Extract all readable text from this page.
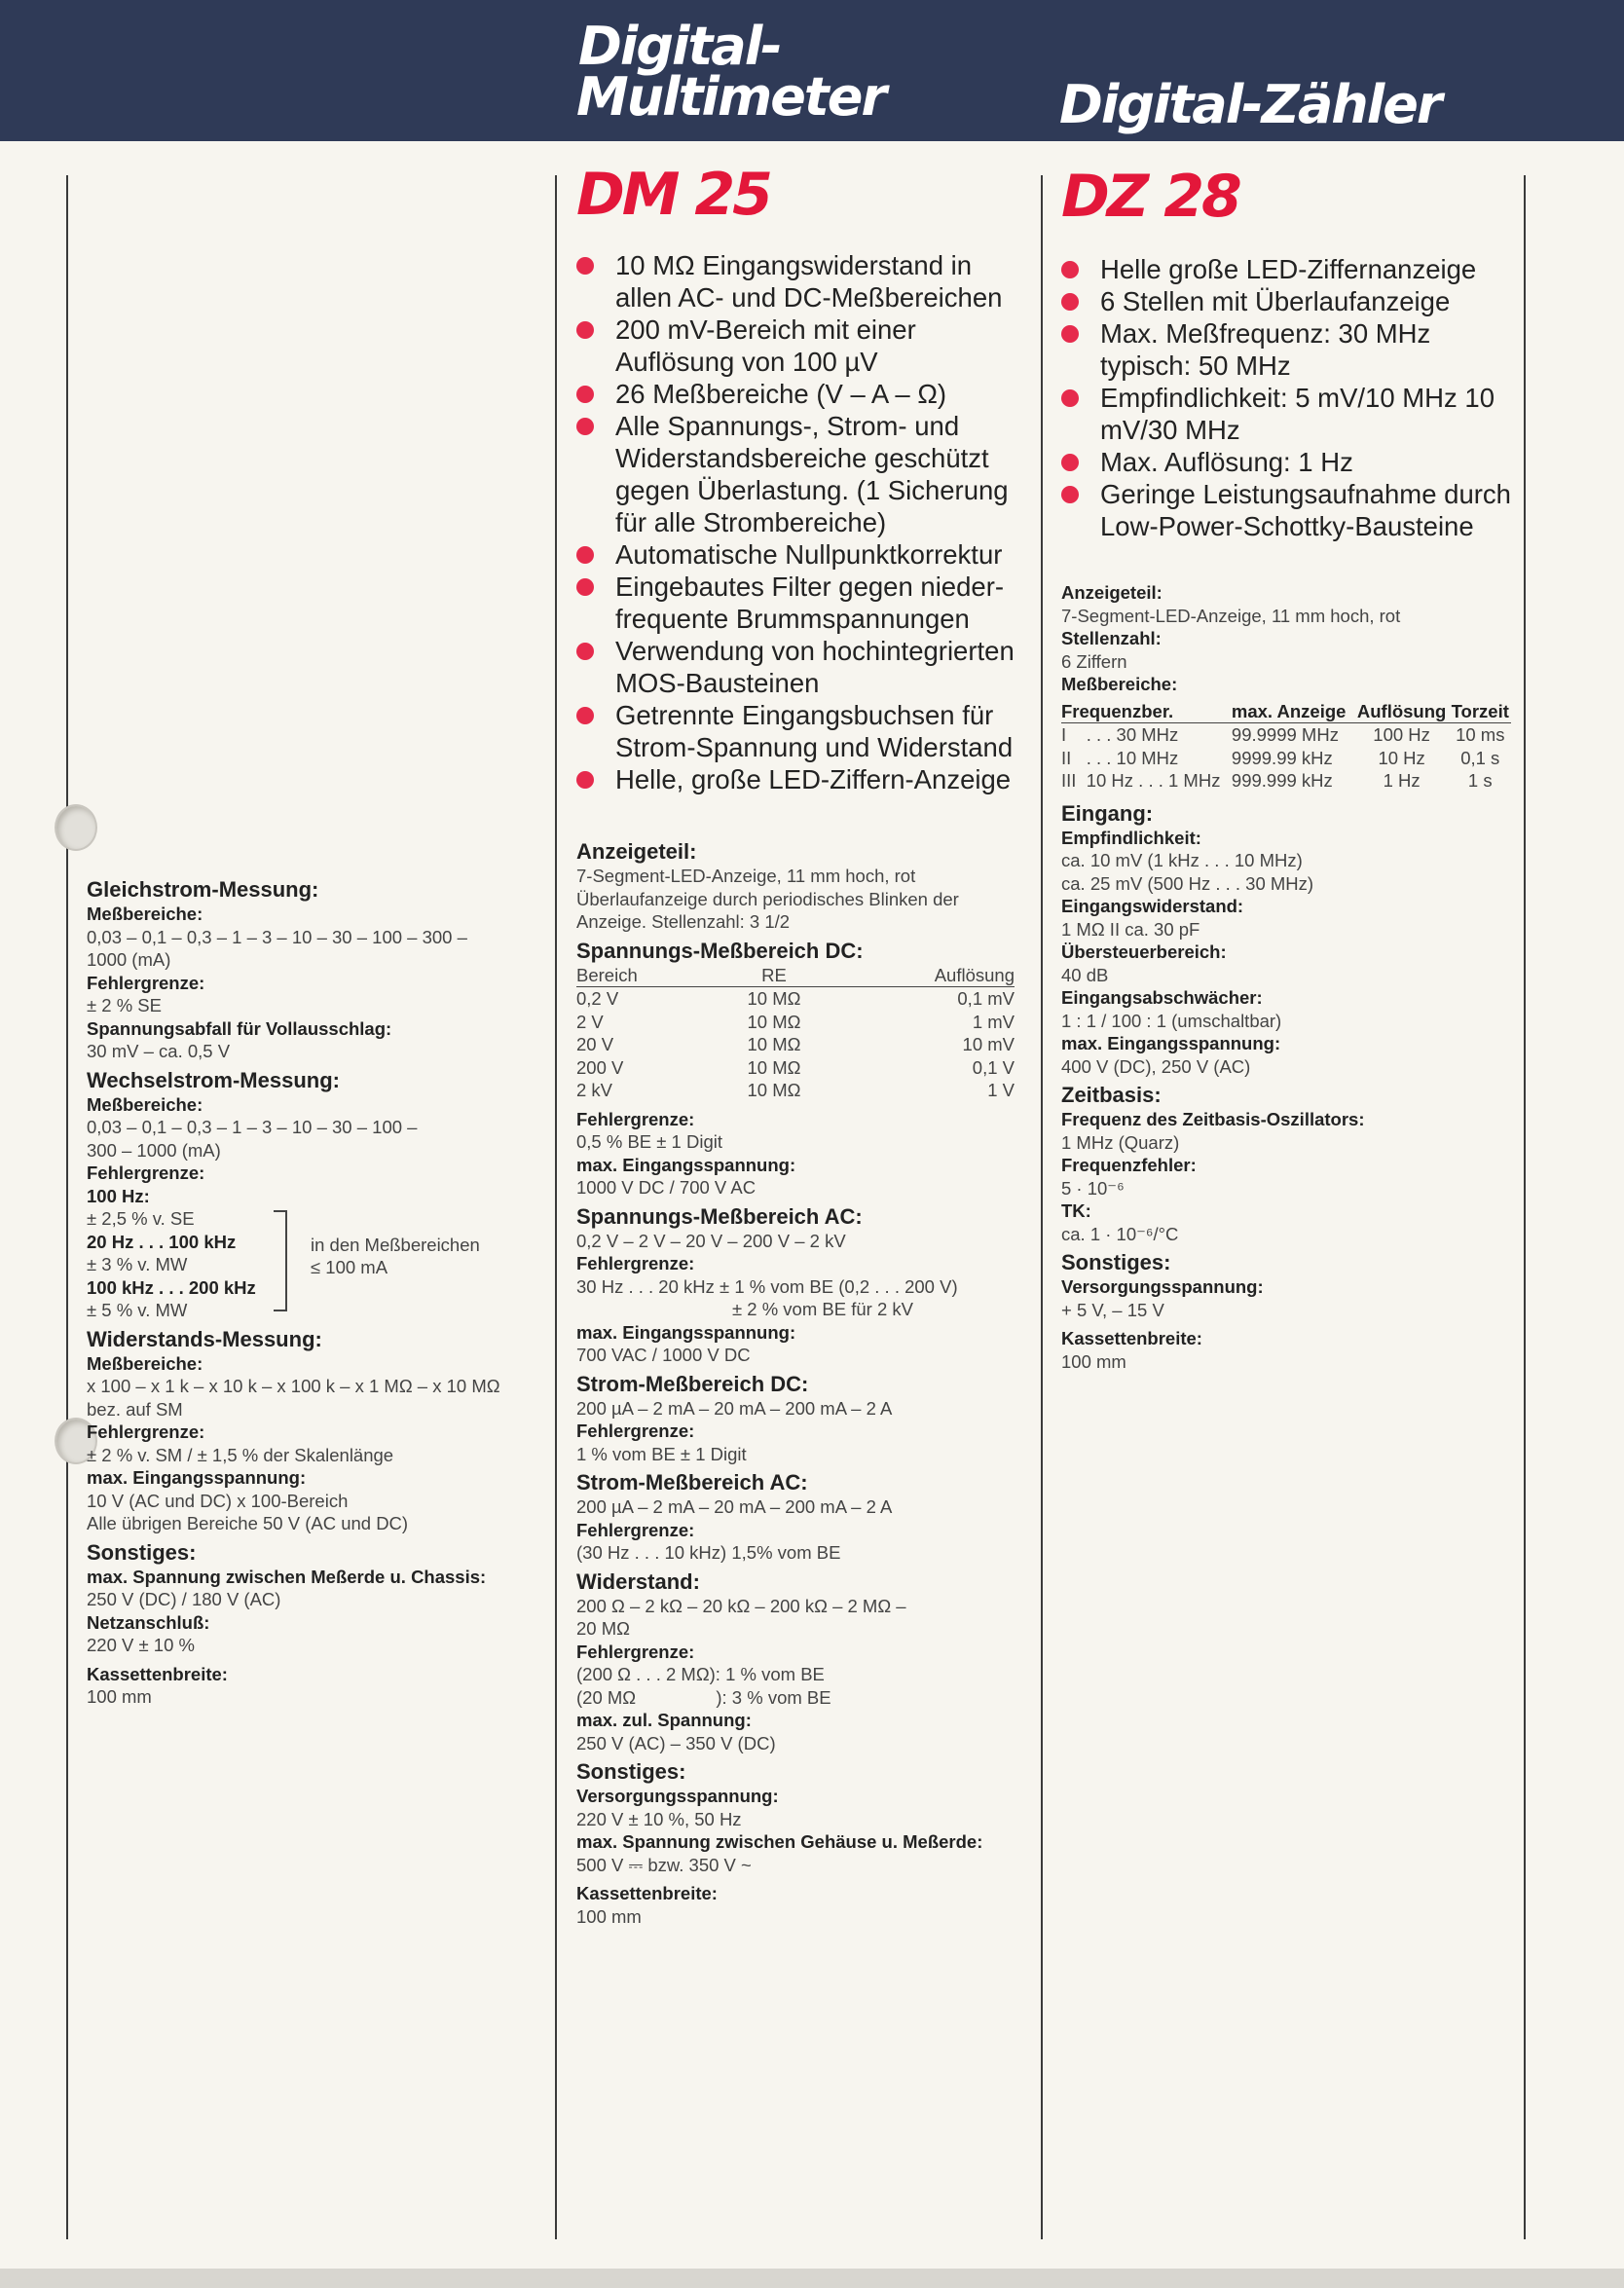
Digital-
Multimeter	Digital-Zähler
Gleichstrom-Messung:
Meßbereiche:
0,03 – 0,1 – 0,3 – 1 – 3 – 10 – 30 – 100 – 300 –
1000 (mA)
Fehlergrenze:
± 2 % SE
Spannungsabfall für Vollausschlag:
30 mV – ca. 0,5 V
Wechselstrom-Messung:
Meßbereiche:
0,03 – 0,1 – 0,3 – 1 – 3 – 10 – 30 – 100 –
300 – 1000 (mA)
Fehlergrenze:
100 Hz:
± 2,5 % v. SE
20 Hz . . . 100 kHz
± 3 % v. MW
100 kHz . . . 200 kHz
± 5 % v. MW
in den Meßbereichen
≤ 100 mA
Widerstands-Messung:
Meßbereiche:
x 100 – x 1 k – x 10 k – x 100 k – x 1 MΩ – x 10 MΩ
bez. auf SM
Fehlergrenze:
± 2 % v. SM / ± 1,5 % der Skalenlänge
max. Eingangsspannung:
10 V (AC und DC) x 100-Bereich
Alle übrigen Bereiche 50 V (AC und DC)
Sonstiges:
max. Spannung zwischen Meßerde u. Chassis:
250 V (DC) / 180 V (AC)
Netzanschluß:
220 V ± 10 %
Kassettenbreite:
100 mm
DM 25
10 MΩ Eingangswiderstand in allen AC- und DC-Meßbereichen
200 mV-Bereich mit einer Auflösung von 100 µV
26 Meßbereiche (V – A – Ω)
Alle Spannungs-, Strom- und Widerstandsbereiche geschützt gegen Überlastung. (1 Sicherung für alle Strombereiche)
Automatische Nullpunktkorrektur
Eingebautes Filter gegen nieder-frequente Brummspannungen
Verwendung von hochintegrierten MOS-Bausteinen
Getrennte Eingangsbuchsen für Strom-Spannung und Widerstand
Helle, große LED-Ziffern-Anzeige
Anzeigeteil:
7-Segment-LED-Anzeige, 11 mm hoch, rot
Überlaufanzeige durch periodisches Blinken der
Anzeige. Stellenzahl: 3 1/2
Spannungs-Meßbereich DC:
Bereich	RE	Auflösung
0,2 V	10 MΩ	0,1 mV
2 V	10 MΩ	1 mV
20 V	10 MΩ	10 mV
200 V	10 MΩ	0,1 V
2 kV	10 MΩ	1 V
Fehlergrenze:
0,5 % BE ± 1 Digit
max. Eingangsspannung:
1000 V DC / 700 V AC
Spannungs-Meßbereich AC:
0,2 V – 2 V – 20 V – 200 V – 2 kV
Fehlergrenze:
30 Hz . . . 20 kHz ± 1 % vom BE (0,2 . . . 200 V)
± 2 % vom BE für 2 kV
max. Eingangsspannung:
700 VAC / 1000 V DC
Strom-Meßbereich DC:
200 µA – 2 mA – 20 mA – 200 mA – 2 A
Fehlergrenze:
1 % vom BE ± 1 Digit
Strom-Meßbereich AC:
200 µA – 2 mA – 20 mA – 200 mA – 2 A
Fehlergrenze:
(30 Hz . . . 10 kHz) 1,5% vom BE
Widerstand:
200 Ω – 2 kΩ – 20 kΩ – 200 kΩ – 2 MΩ –
20 MΩ
Fehlergrenze:
(200 Ω . . . 2 MΩ): 1 % vom BE
(20 MΩ                ): 3 % vom BE
max. zul. Spannung:
250 V (AC) – 350 V (DC)
Sonstiges:
Versorgungsspannung:
220 V ± 10 %, 50 Hz
max. Spannung zwischen Gehäuse u. Meßerde:
500 V ⎓ bzw. 350 V ~
Kassettenbreite:
100 mm
DZ 28
Helle große LED-Ziffernanzeige
6 Stellen mit Überlaufanzeige
Max. Meßfrequenz: 30 MHz typisch: 50 MHz
Empfindlichkeit: 5 mV/10 MHz 10 mV/30 MHz
Max. Auflösung: 1 Hz
Geringe Leistungsaufnahme durch Low-Power-Schottky-Bausteine
Anzeigeteil:
7-Segment-LED-Anzeige, 11 mm hoch, rot
Stellenzahl:
6 Ziffern
Meßbereiche:
Frequenzber.	max. Anzeige	Auflösung	Torzeit
I    . . . 30 MHz	99.9999 MHz	100 Hz	10 ms
II   . . . 10 MHz	9999.99 kHz	10 Hz	0,1 s
III  10 Hz . . . 1 MHz	999.999 kHz	1 Hz	1 s
Eingang:
Empfindlichkeit:
ca. 10 mV (1 kHz . . . 10 MHz)
ca. 25 mV (500 Hz . . . 30 MHz)
Eingangswiderstand:
1 MΩ II ca. 30 pF
Übersteuerbereich:
40 dB
Eingangsabschwächer:
1 : 1 / 100 : 1 (umschaltbar)
max. Eingangsspannung:
400 V (DC), 250 V (AC)
Zeitbasis:
Frequenz des Zeitbasis-Oszillators:
1 MHz (Quarz)
Frequenzfehler:
5 · 10⁻⁶
TK:
ca. 1 · 10⁻⁶/°C
Sonstiges:
Versorgungsspannung:
+ 5 V, – 15 V
Kassettenbreite:
100 mm
